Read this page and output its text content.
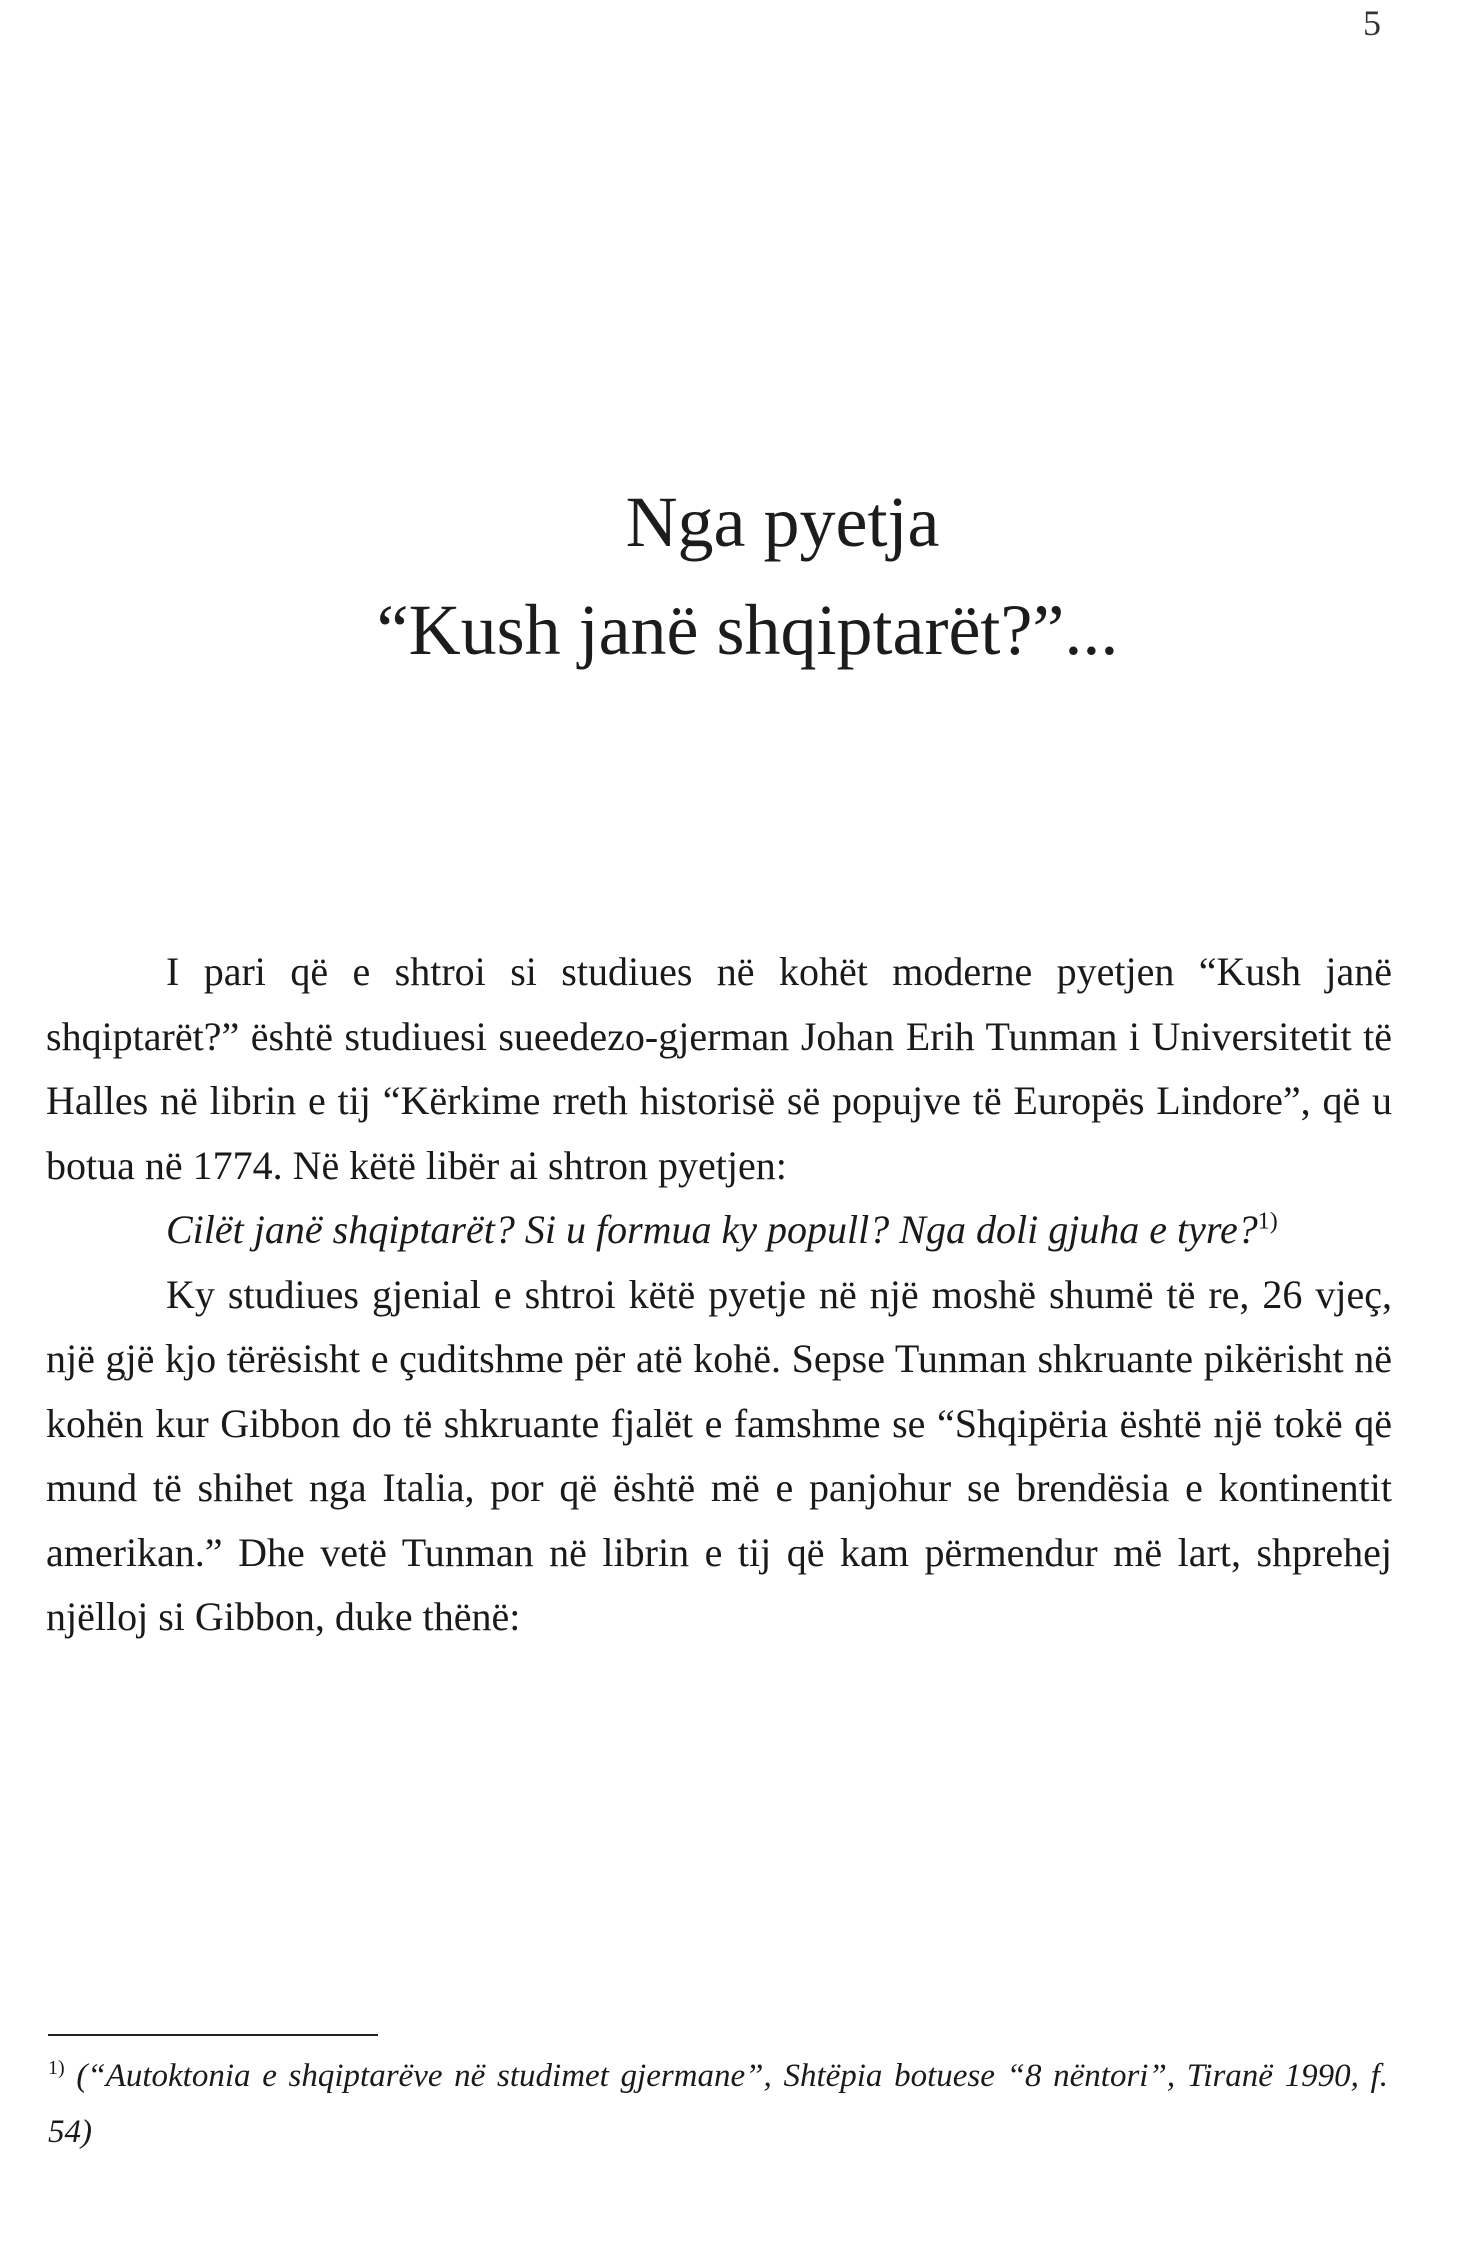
5
Nga pyetja
“Kush janë shqiptarët?”...

I pari që e shtroi si studiues në kohët moderne pyetjen “Kush janë shqiptarët?” është studiuesi sueedezo-gjerman Johan Erih Tunman i Universitetit të Halles në librin e tij “Kërkime rreth historisë së popujve të Europës Lindore”, që u botua në 1774. Në këtë libër ai shtron pyetjen:

Cilët janë shqiptarët? Si u formua ky popull? Nga doli gjuha e tyre?$^{1)}$

Ky studiues gjenial e shtroi këtë pyetje në një moshë shumë të re, 26 vjeç, një gjë kjo tërësisht e çuditshme për atë kohë. Sepse Tunman shkruante pikërisht në kohën kur Gibbon do të shkruante fjalët e famshme se “Shqipëria është një tokë që mund të shihet nga Italia, por që është më e panjohur se brendësia e kontinentit amerikan.” Dhe vetë Tunman në librin e tij që kam përmendur më lart, shprehej njëlloj si Gibbon, duke thënë:

$^{1)}$ (“Autoktonia e shqiptarëve në studimet gjermane”, Shtëpia botuese “8 nëntori”, Tiranë 1990, f. 54)
